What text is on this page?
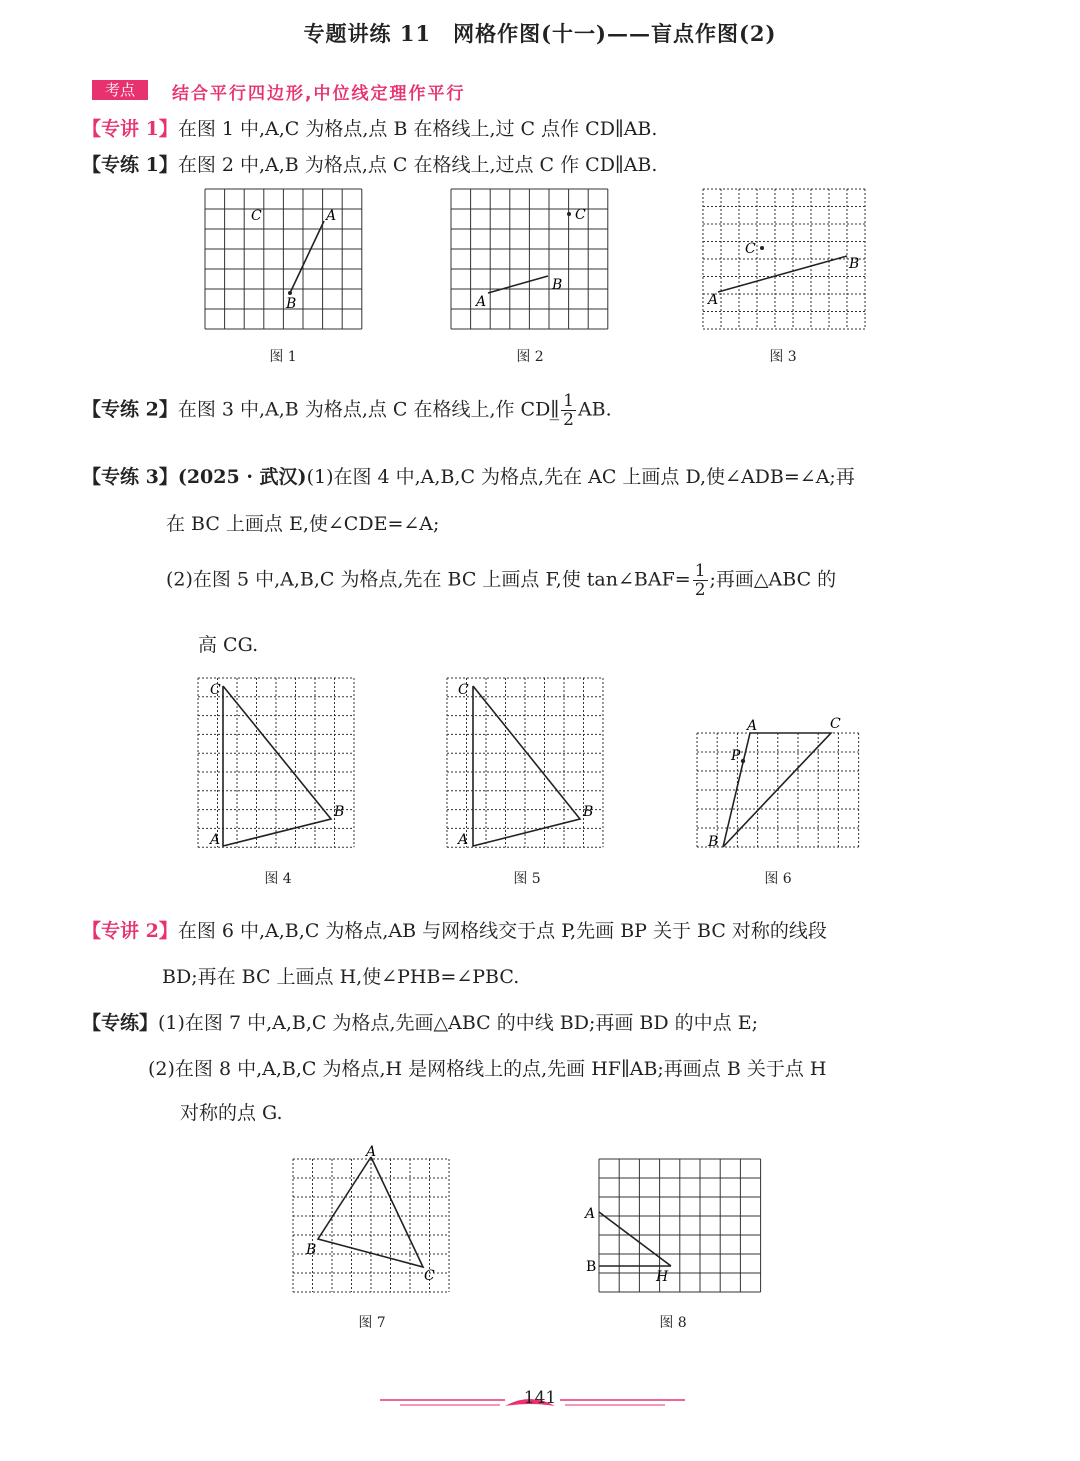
专题讲练 11　网格作图(十一)——盲点作图(2)
考点	结合平行四边形,中位线定理作平行
【专讲 1】在图 1 中,A,C 为格点,点 B 在格线上,过 C 点作 CD∥AB.
【专练 1】在图 2 中,A,B 为格点,点 C 在格线上,过点 C 作 CD∥AB.
C	A
B
图 1
C
B
A
图 2
C
B
A
图 3
【专练 2】在图 3 中,A,B 为格点,点 C 在格线上,作 CD∥̲ $\frac{1}{2}$ AB.
【专练 3】(2025 · 武汉)(1)在图 4 中,A,B,C 为格点,先在 AC 上画点 D,使∠ADB=∠A;再
在 BC 上画点 E,使∠CDE=∠A;
(2)在图 5 中,A,B,C 为格点,先在 BC 上画点 F,使 tan∠BAF= $\frac{1}{2}$ ;再画△ABC 的
高 CG.
C
B
A
图 4
C
B
A
图 5
A	C
P
B
图 6
【专讲 2】在图 6 中,A,B,C 为格点,AB 与网格线交于点 P,先画 BP 关于 BC 对称的线段
BD;再在 BC 上画点 H,使∠PHB=∠PBC.
【专练】(1)在图 7 中,A,B,C 为格点,先画△ABC 的中线 BD;再画 BD 的中点 E;
(2)在图 8 中,A,B,C 为格点,H 是网格线上的点,先画 HF∥AB;再画点 B 关于点 H
对称的点 G.
A
B
C
图 7
A
B
H
图 8
141
